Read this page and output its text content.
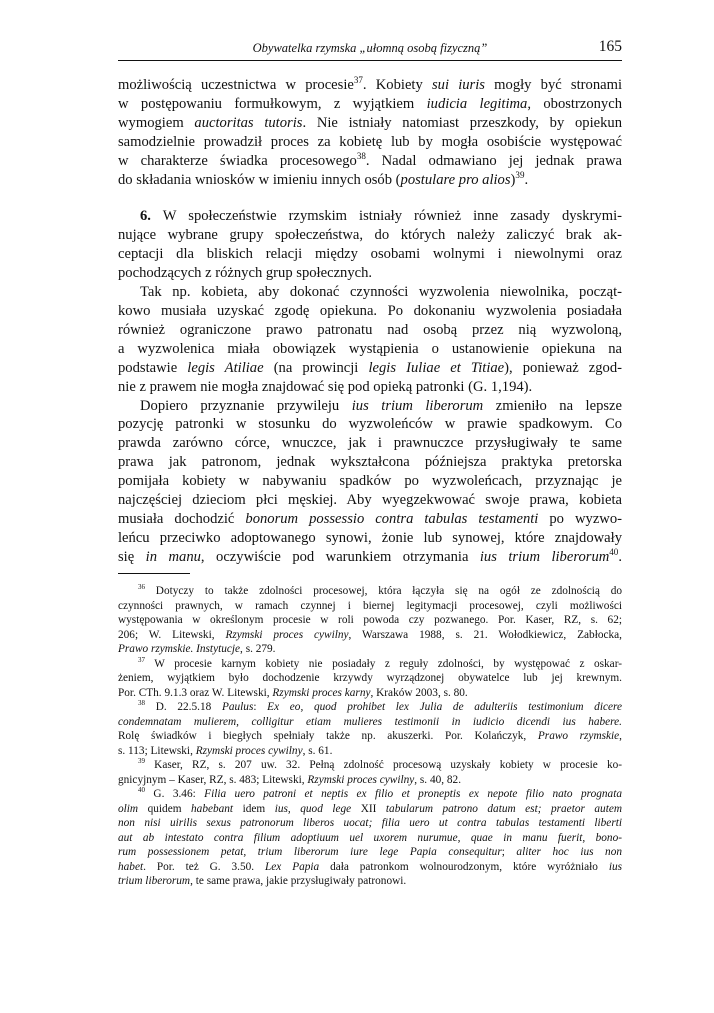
Obywatelka rzymska „ułomną osobą fizyczną”	165
możliwością uczestnictwa w procesie$^{37}$. Kobiety sui iuris mogły być stronami
w postępowaniu formułkowym, z wyjątkiem iudicia legitima, obostrzonych
wymogiem auctoritas tutoris. Nie istniały natomiast przeszkody, by opiekun
samodzielnie prowadził proces za kobietę lub by mogła osobiście występować
w charakterze świadka procesowego$^{38}$. Nadal odmawiano jej jednak prawa
do składania wniosków w imieniu innych osób (postulare pro alios)$^{39}$.
6. W społeczeństwie rzymskim istniały również inne zasady dyskrymi-
nujące wybrane grupy społeczeństwa, do których należy zaliczyć brak ak-
ceptacji dla bliskich relacji między osobami wolnymi i niewolnymi oraz
pochodzących z różnych grup społecznych.
Tak np. kobieta, aby dokonać czynności wyzwolenia niewolnika, począt-
kowo musiała uzyskać zgodę opiekuna. Po dokonaniu wyzwolenia posiadała
również ograniczone prawo patronatu nad osobą przez nią wyzwoloną,
a wyzwolenica miała obowiązek wystąpienia o ustanowienie opiekuna na
podstawie legis Atiliae (na prowincji legis Iuliae et Titiae), ponieważ zgod-
nie z prawem nie mogła znajdować się pod opieką patronki (G. 1,194).
Dopiero przyznanie przywileju ius trium liberorum zmieniło na lepsze
pozycję patronki w stosunku do wyzwoleńców w prawie spadkowym. Co
prawda zarówno córce, wnuczce, jak i prawnuczce przysługiwały te same
prawa jak patronom, jednak wykształcona późniejsza praktyka pretorska
pomijała kobiety w nabywaniu spadków po wyzwoleńcach, przyznając je
najczęściej dzieciom płci męskiej. Aby wyegzekwować swoje prawa, kobieta
musiała dochodzić bonorum possessio contra tabulas testamenti po wyzwo-
leńcu przeciwko adoptowanego synowi, żonie lub synowej, które znajdowały
się in manu, oczywiście pod warunkiem otrzymania ius trium liberorum$^{40}$.
$^{36}$ Dotyczy to także zdolności procesowej, która łączyła się na ogół ze zdolnością do
czynności prawnych, w ramach czynnej i biernej legitymacji procesowej, czyli możliwości
występowania w określonym procesie w roli powoda czy pozwanego. Por. Kaser, RZ, s. 62;
206; W. Litewski, Rzymski proces cywilny, Warszawa 1988, s. 21. Wołodkiewicz, Zabłocka,
Prawo rzymskie. Instytucje, s. 279.
$^{37}$ W procesie karnym kobiety nie posiadały z reguły zdolności, by występować z oskar-
żeniem, wyjątkiem było dochodzenie krzywdy wyrządzonej obywatelce lub jej krewnym.
Por. CTh. 9.1.3 oraz W. Litewski, Rzymski proces karny, Kraków 2003, s. 80.
$^{38}$ D. 22.5.18 Paulus: Ex eo, quod prohibet lex Julia de adulteriis testimonium dicere
condemnatam mulierem, colligitur etiam mulieres testimonii in iudicio dicendi ius habere.
Rolę świadków i biegłych spełniały także np. akuszerki. Por. Kolańczyk, Prawo rzymskie,
s. 113; Litewski, Rzymski proces cywilny, s. 61.
$^{39}$ Kaser, RZ, s. 207 uw. 32. Pełną zdolność procesową uzyskały kobiety w procesie ko-
gnicyjnym – Kaser, RZ, s. 483; Litewski, Rzymski proces cywilny, s. 40, 82.
$^{40}$ G. 3.46: Filia uero patroni et neptis ex filio et proneptis ex nepote filio nato prognata
olim quidem habebant idem ius, quod lege XII tabularum patrono datum est; praetor autem
non nisi uirilis sexus patronorum liberos uocat; filia uero ut contra tabulas testamenti liberti
aut ab intestato contra filium adoptiuum uel uxorem nurumue, quae in manu fuerit, bono-
rum possessionem petat, trium liberorum iure lege Papia consequitur; aliter hoc ius non
habet. Por. też G. 3.50. Lex Papia dała patronkom wolnourodzonym, które wyróżniało ius
trium liberorum, te same prawa, jakie przysługiwały patronowi.
